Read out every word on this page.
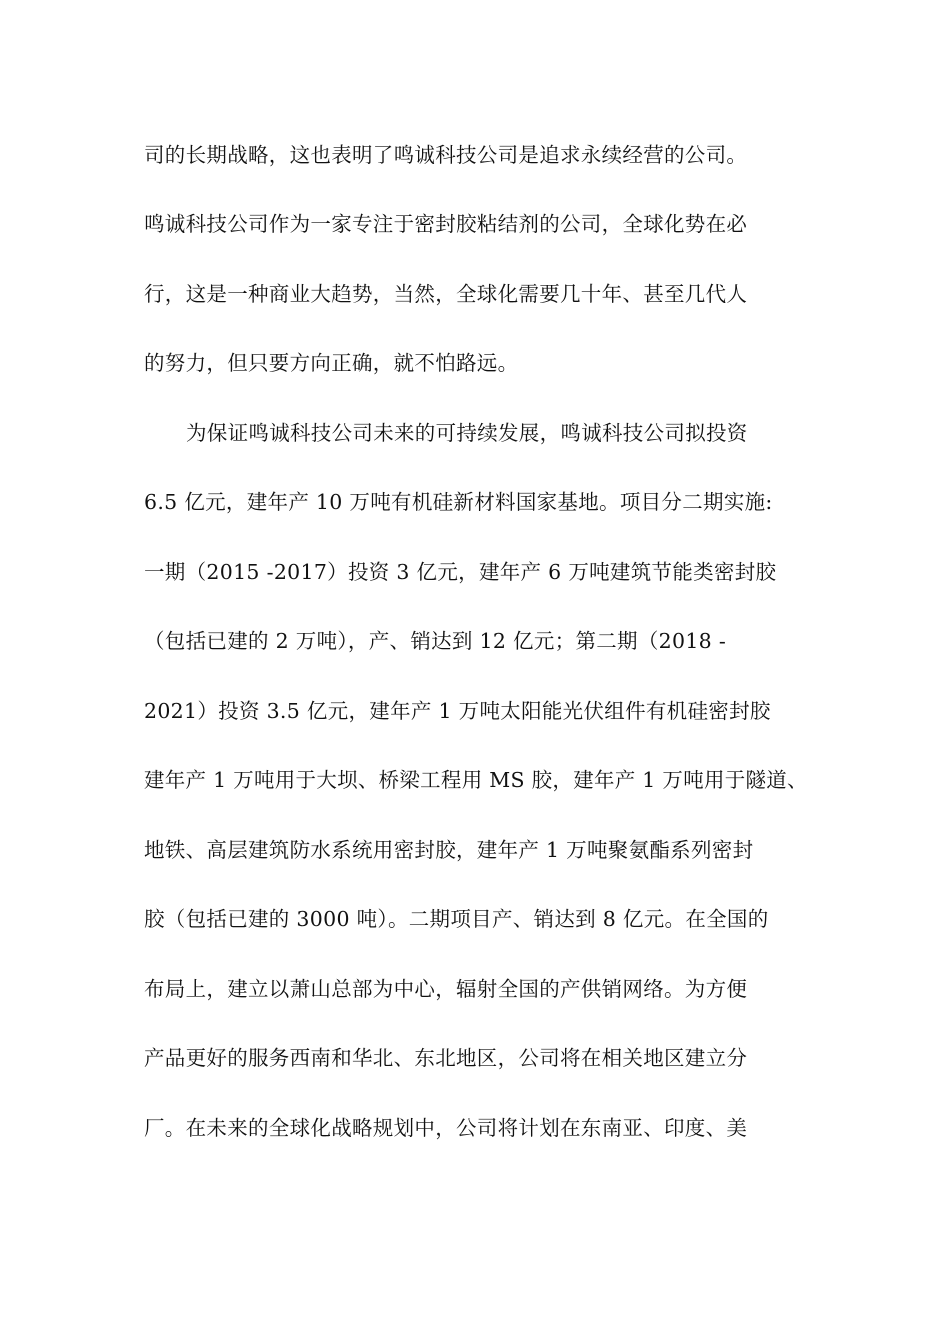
司的长期战略，这也表明了鸣诚科技公司是追求永续经营的公司。
鸣诚科技公司作为一家专注于密封胶粘结剂的公司，全球化势在必
行，这是一种商业大趋势，当然，全球化需要几十年、甚至几代人
的努力，但只要方向正确，就不怕路远。
为保证鸣诚科技公司未来的可持续发展，鸣诚科技公司拟投资
6.5 亿元，建年产 10 万吨有机硅新材料国家基地。项目分二期实施:
一期（2015 -2017）投资 3 亿元，建年产 6 万吨建筑节能类密封胶
（包括已建的 2 万吨），产、销达到 12 亿元；第二期（2018 -
2021）投资 3.5 亿元，建年产 1 万吨太阳能光伏组件有机硅密封胶
建年产 1 万吨用于大坝、桥梁工程用 MS 胶，建年产 1 万吨用于隧道、
地铁、高层建筑防水系统用密封胶，建年产 1 万吨聚氨酯系列密封
胶（包括已建的 3000 吨）。二期项目产、销达到 8 亿元。在全国的
布局上，建立以萧山总部为中心，辐射全国的产供销网络。为方便
产品更好的服务西南和华北、东北地区，公司将在相关地区建立分
厂。在未来的全球化战略规划中，公司将计划在东南亚、印度、美
